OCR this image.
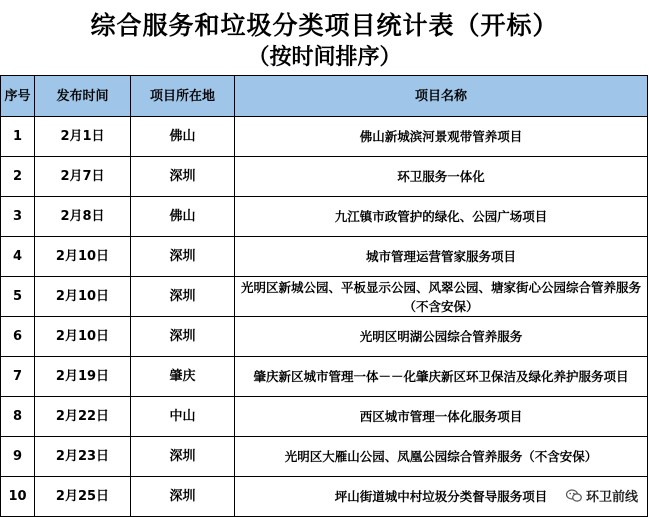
综合服务和垃圾分类项目统计表（开标）
（按时间排序）
序号	发布时间	项目所在地	项目名称
1	2月1日	佛山	佛山新城滨河景观带管养项目
2	2月7日	深圳	环卫服务一体化
3	2月8日	佛山	九江镇市政管护的绿化、公园广场项目
4	2月10日	深圳	城市管理运营管家服务项目
5	2月10日	深圳	光明区新城公园、平板显示公园、风翠公园、塘家街心公园综合管养服务（不含安保）
6	2月10日	深圳	光明区明湖公园综合管养服务
7	2月19日	肇庆	肇庆新区城市管理一体－－化肇庆新区环卫保洁及绿化养护服务项目
8	2月22日	中山	西区城市管理一体化服务项目
9	2月23日	深圳	光明区大雁山公园、凤凰公园综合管养服务（不含安保）
10	2月25日	深圳	坪山街道城中村垃圾分类督导服务项目	环卫前线
